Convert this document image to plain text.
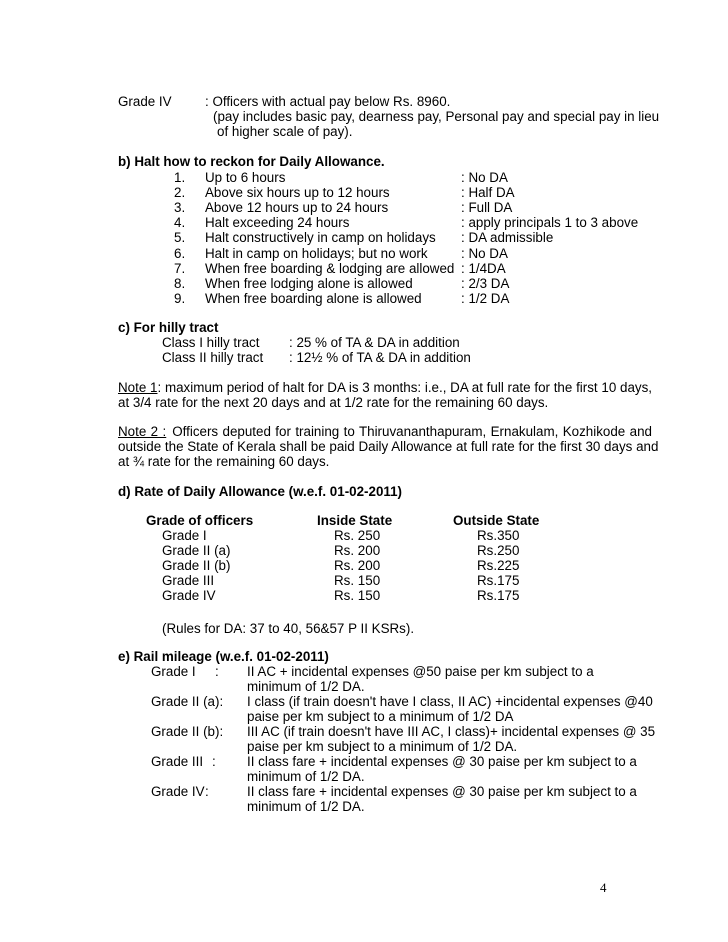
Grade IV : Officers with actual pay below Rs. 8960.
(pay includes basic pay, dearness pay, Personal pay and special pay in lieu
of higher scale of pay).
b) Halt how to reckon for Daily Allowance.
1. Up to 6 hours	: No DA
2. Above six hours up to 12 hours	: Half DA
3. Above 12 hours up to 24 hours	: Full DA
4. Halt exceeding 24 hours	: apply principals 1 to 3 above
5. Halt constructively in camp on holidays : DA admissible
6. Halt in camp on holidays; but no work : No DA
7. When free boarding & lodging are allowed : 1/4DA
8. When free lodging alone is allowed	: 2/3 DA
9. When free boarding alone is allowed	: 1/2 DA
c) For hilly tract
Class I hilly tract : 25 % of TA & DA in addition
Class II hilly tract : 12½ % of TA & DA in addition
Note 1: maximum period of halt for DA is 3 months: i.e., DA at full rate for the first 10 days,
at 3/4 rate for the next 20 days and at 1/2 rate for the remaining 60 days.
Note 2 : Officers deputed for training to Thiruvananthapuram, Ernakulam, Kozhikode and
outside the State of Kerala shall be paid Daily Allowance at full rate for the first 30 days and
at ¾ rate for the remaining 60 days.
d) Rate of Daily Allowance (w.e.f. 01-02-2011)
Grade of officers	Inside State	Outside State
Grade I	Rs. 250	Rs.350
Grade II (a)	Rs. 200	Rs.250
Grade II (b)	Rs. 200	Rs.225
Grade III	Rs. 150	Rs.175
Grade IV	Rs. 150	Rs.175
(Rules for DA: 37 to 40, 56&57 P II KSRs).
e) Rail mileage (w.e.f. 01-02-2011)
Grade I : II AC + incidental expenses @50 paise per km subject to a
minimum of 1/2 DA.
Grade II (a): I class (if train doesn't have I class, II AC) +incidental expenses @40
paise per km subject to a minimum of 1/2 DA
Grade II (b): III AC (if train doesn't have III AC, I class)+ incidental expenses @ 35
paise per km subject to a minimum of 1/2 DA.
Grade III : II class fare + incidental expenses @ 30 paise per km subject to a
minimum of 1/2 DA.
Grade IV :	II class fare + incidental expenses @ 30 paise per km subject to a
minimum of 1/2 DA.
4
